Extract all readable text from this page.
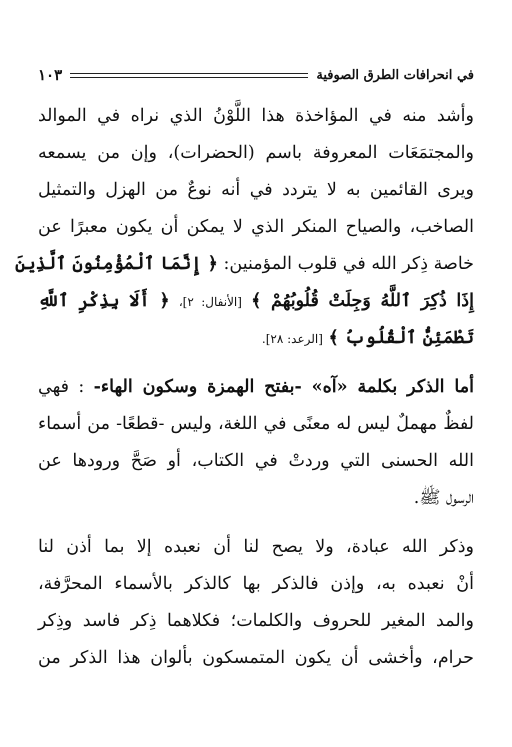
في انحرافات الطرق الصوفية
١٠٣
وأشد منه في المؤاخذة هذا اللَّوْنُ الذي نراه في الموالد
والمجتمَعَات المعروفة باسم (الحضرات)، وإن من يسمعه
ويرى القائمين به لا يتردد في أنه نوعٌ من الهزل والتمثيل
الصاخب، والصياح المنكر الذي لا يمكن أن يكون معبرًا عن
خاصة ذِكر الله في قلوب المؤمنين: ﴿ إِنَّمَا ٱلْمُؤْمِنُونَ ٱلَّذِينَ
إِذَا ذُكِرَ ٱللَّهُ وَجِلَتْ قُلُوبُهُمْ ﴾ [الأنفال: ٢]، ﴿ أَلَا بِذِكْرِ ٱللَّهِ
تَطْمَئِنُّ ٱلْقُلُوبُ ﴾ [الرعد: ٢٨].
أما الذكر بكلمة «آه» -بفتح الهمزة وسكون الهاء- : فهي
لفظٌ مهملٌ ليس له معنًى في اللغة، وليس -قطعًا- من أسماء
الله الحسنى التي وردتْ في الكتاب، أو صَحَّ ورودها عن
الرسول ﷺ.
وذكر الله عبادة، ولا يصح لنا أن نعبده إلا بما أذن لنا
أنْ نعبده به، وإذن فالذكر بها كالذكر بالأسماء المحرَّفة،
والمد المغير للحروف والكلمات؛ فكلاهما ذِكر فاسد وذِكر
حرام، وأخشى أن يكون المتمسكون بألوان هذا الذكر من
